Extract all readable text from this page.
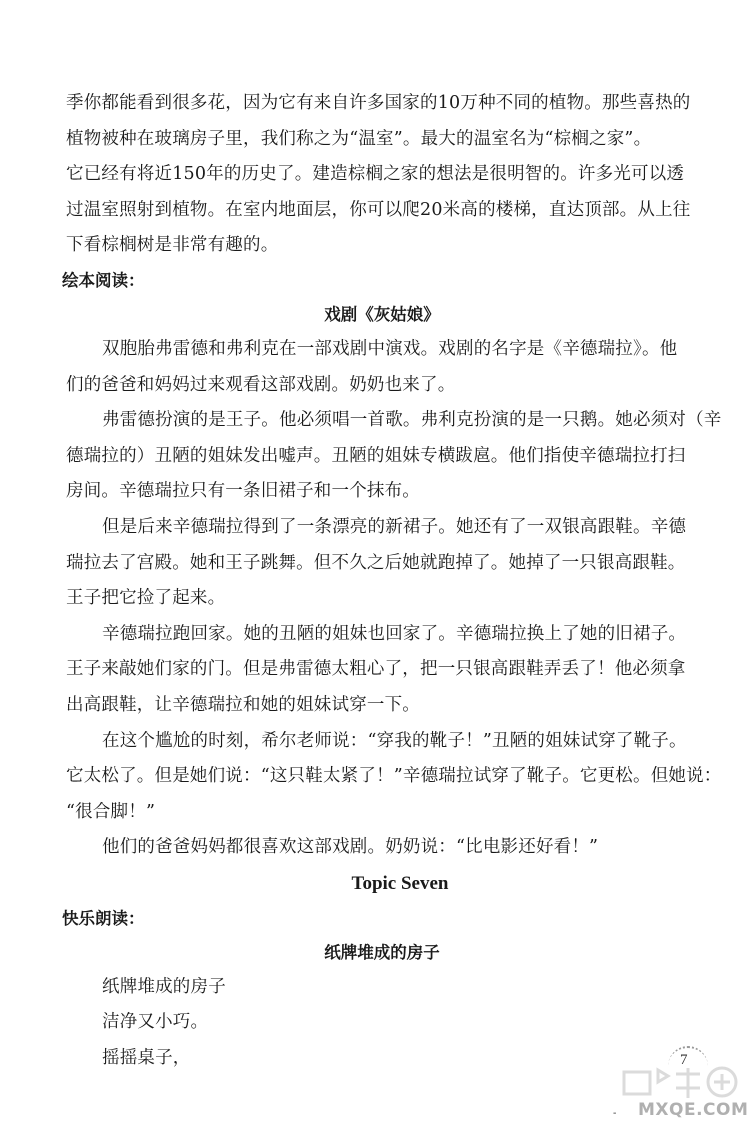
季你都能看到很多花，因为它有来自许多国家的10万种不同的植物。那些喜热的
植物被种在玻璃房子里，我们称之为“温室”。最大的温室名为“棕榈之家”。
它已经有将近150年的历史了。建造棕榈之家的想法是很明智的。许多光可以透
过温室照射到植物。在室内地面层，你可以爬20米高的楼梯，直达顶部。从上往
下看棕榈树是非常有趣的。
绘本阅读：
戏剧《灰姑娘》
双胞胎弗雷德和弗利克在一部戏剧中演戏。戏剧的名字是《辛德瑞拉》。他
们的爸爸和妈妈过来观看这部戏剧。奶奶也来了。
弗雷德扮演的是王子。他必须唱一首歌。弗利克扮演的是一只鹅。她必须对（辛
德瑞拉的）丑陋的姐妹发出嘘声。丑陋的姐妹专横跋扈。他们指使辛德瑞拉打扫
房间。辛德瑞拉只有一条旧裙子和一个抹布。
但是后来辛德瑞拉得到了一条漂亮的新裙子。她还有了一双银高跟鞋。辛德
瑞拉去了宫殿。她和王子跳舞。但不久之后她就跑掉了。她掉了一只银高跟鞋。
王子把它捡了起来。
辛德瑞拉跑回家。她的丑陋的姐妹也回家了。辛德瑞拉换上了她的旧裙子。
王子来敲她们家的门。但是弗雷德太粗心了，把一只银高跟鞋弄丢了！他必须拿
出高跟鞋，让辛德瑞拉和她的姐妹试穿一下。
在这个尴尬的时刻，希尔老师说：“穿我的靴子！”丑陋的姐妹试穿了靴子。
它太松了。但是她们说：“这只鞋太紧了！”辛德瑞拉试穿了靴子。它更松。但她说：
“很合脚！”
他们的爸爸妈妈都很喜欢这部戏剧。奶奶说：“比电影还好看！”
Topic Seven
快乐朗读：
纸牌堆成的房子
纸牌堆成的房子
洁净又小巧。
摇摇桌子，	7
MXQE.COM
-
